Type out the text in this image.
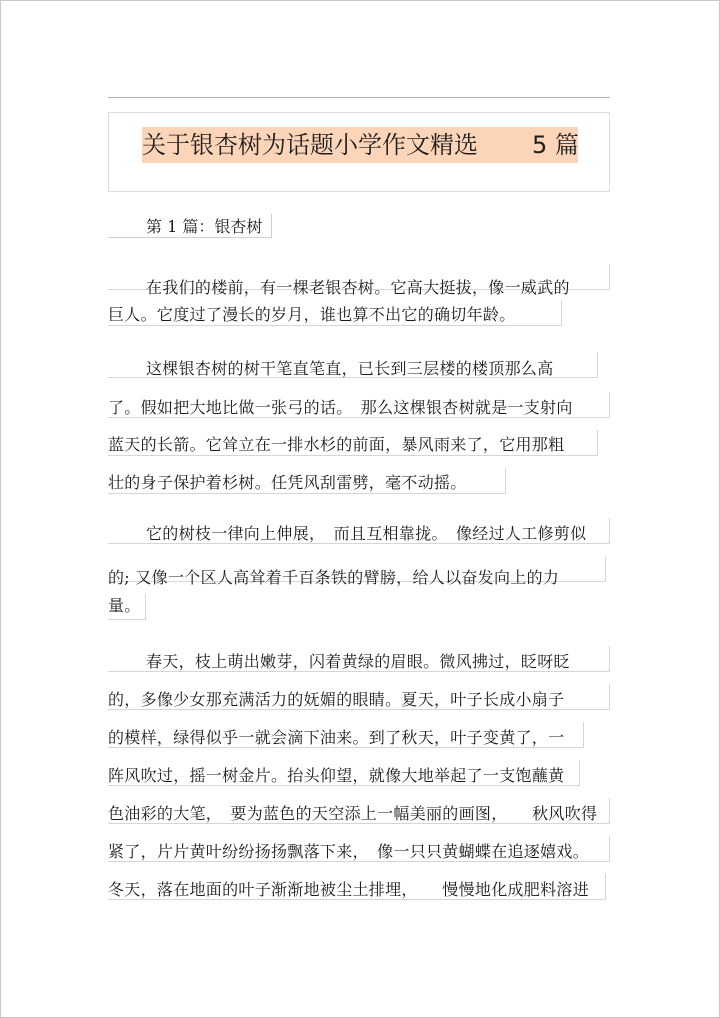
关于银杏树为话题小学作文精选 5 篇
第 1 篇：银杏树
在我们的楼前，有一棵老银杏树。它高大挺拔，像一威武的
巨人。它度过了漫长的岁月，谁也算不出它的确切年龄。
这棵银杏树的树干笔直笔直，已长到三层楼的楼顶那么高
了。假如把大地比做一张弓的话。　那么这棵银杏树就是一支射向
蓝天的长箭。它耸立在一排水杉的前面，暴风雨来了，它用那粗
壮的身子保护着杉树。任凭风刮雷劈，毫不动摇。
它的树枝一律向上伸展，　而且互相靠拢。　像经过人工修剪似
的; 又像一个区人高耸着千百条铁的臂膀，给人以奋发向上的力
量。
春天，枝上萌出嫩芽，闪着黄绿的眉眼。微风拂过，眨呀眨
的，多像少女那充满活力的妩媚的眼睛。夏天，叶子长成小扇子
的模样，绿得似乎一就会滴下油来。到了秋天，叶子变黄了，一
阵风吹过，摇一树金片。抬头仰望，就像大地举起了一支饱蘸黄
色油彩的大笔，　要为蓝色的天空添上一幅美丽的画图，　　秋风吹得
紧了，片片黄叶纷纷扬扬飘落下来，　像一只只黄蝴蝶在追逐嬉戏。
冬天，落在地面的叶子渐渐地被尘土排埋，　　慢慢地化成肥料溶进
